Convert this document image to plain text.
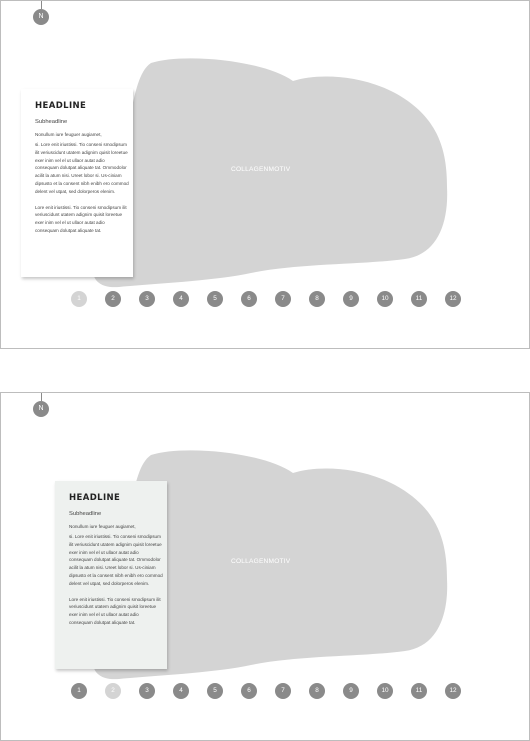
N
HEADLINE
Subheadline
Nonullum iure feuguer augiamet,
si. Lore enit iriustissi. Tio conseni smodipsum ilit veriuscidunt utatem adignim quisit loreetue exer inim vel el ut ullaor autat adio consequam dolutpat aliquate tat. Ommodolor acilit la atum nisi. Ureet lobor si. Us-ciniam dipsusto et la consent nibh enibh ero commod delent vel utpat, sed dolorperos elenim.
Lore enit iriustissi. Tio conseni smodipsum ilit veriuscidunt utatem adignim quisit loreetue exer inim vel el ut ullaor autat adio consequam dolutpat aliquate tat.
COLLAGENMOTIV
1	2	3	4	5	6	7	8	9	10	11	12
N
HEADLINE
Subheadline
Nonullum iure feuguer augiamet,
si. Lore enit iriustissi. Tio conseni smodipsum ilit veriuscidunt utatem adignim quisit loreetue exer inim vel el ut ullaor autat adio consequam dolutpat aliquate tat. Ommodolor acilit la atum nisi. Ureet lobor si. Us-ciniam dipsusto et la consent nibh enibh ero commod delent vel utpat, sed dolorperos elenim.
Lore enit iriustissi. Tio conseni smodipsum ilit veriuscidunt utatem adignim quisit loreetue exer inim vel el ut ullaor autat adio consequam dolutpat aliquate tat.
COLLAGENMOTIV
1	2	3	4	5	6	7	8	9	10	11	12
